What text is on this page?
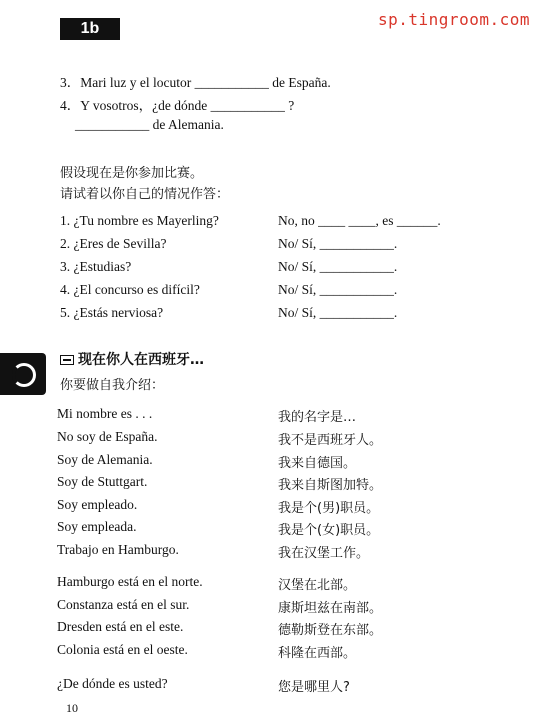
1b	sp.tingroom.com
3．Mari luz y el locutor ___________ de España.
4．Y vosotros，¿de dónde ___________ ?
___________ de Alemania.
假设现在是你参加比赛。
请试着以你自己的情况作答：
1. ¿Tu nombre es Mayerling?	No, no ____ ____, es ______.
2. ¿Eres de Sevilla?	No/ Sí, ___________.
3. ¿Estudias?	No/ Sí, ___________.
4. ¿El concurso es difícil?	No/ Sí, ___________.
5. ¿Estás nerviosa?	No/ Sí, ___________.
现在你人在西班牙…
你要做自我介绍：
Mi nombre es . . .	我的名字是…
No soy de España.	我不是西班牙人。
Soy de Alemania.	我来自德国。
Soy de Stuttgart.	我来自斯图加特。
Soy empleado.	我是个(男)职员。
Soy empleada.	我是个(女)职员。
Trabajo en Hamburgo.	我在汉堡工作。
Hamburgo está en el norte.	汉堡在北部。
Constanza está en el sur.	康斯坦兹在南部。
Dresden está en el este.	德勒斯登在东部。
Colonia está en el oeste.	科隆在西部。
¿De dónde es usted?	您是哪里人?
10
